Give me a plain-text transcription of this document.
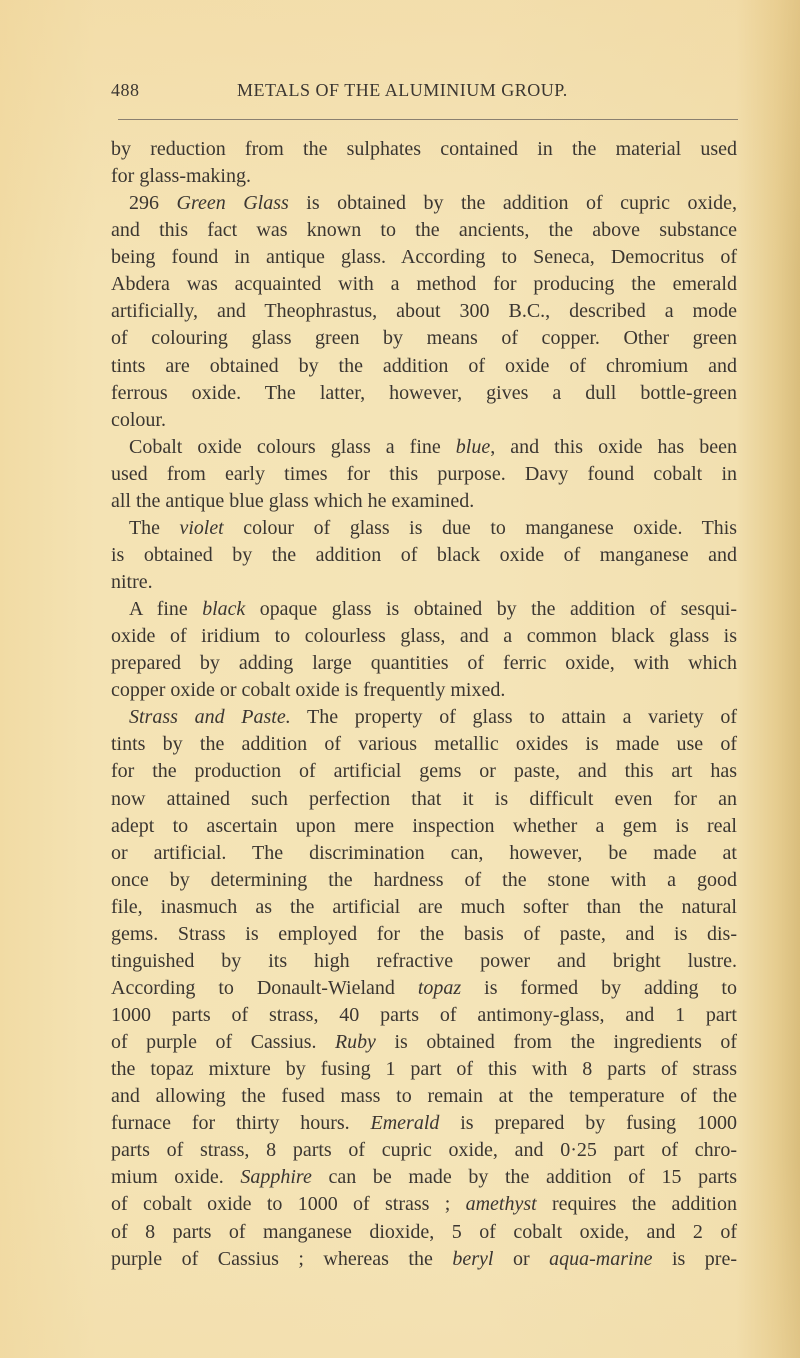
488	METALS OF THE ALUMINIUM GROUP.
by reduction from the sulphates contained in the material used
for glass-making.
296 Green Glass is obtained by the addition of cupric oxide,
and this fact was known to the ancients, the above substance
being found in antique glass. According to Seneca, Democritus of
Abdera was acquainted with a method for producing the emerald
artificially, and Theophrastus, about 300 B.C., described a mode
of colouring glass green by means of copper. Other green
tints are obtained by the addition of oxide of chromium and
ferrous oxide. The latter, however, gives a dull bottle-green
colour.
Cobalt oxide colours glass a fine blue, and this oxide has been
used from early times for this purpose. Davy found cobalt in
all the antique blue glass which he examined.
The violet colour of glass is due to manganese oxide. This
is obtained by the addition of black oxide of manganese and
nitre.
A fine black opaque glass is obtained by the addition of sesqui-
oxide of iridium to colourless glass, and a common black glass is
prepared by adding large quantities of ferric oxide, with which
copper oxide or cobalt oxide is frequently mixed.
Strass and Paste. The property of glass to attain a variety of
tints by the addition of various metallic oxides is made use of
for the production of artificial gems or paste, and this art has
now attained such perfection that it is difficult even for an
adept to ascertain upon mere inspection whether a gem is real
or artificial. The discrimination can, however, be made at
once by determining the hardness of the stone with a good
file, inasmuch as the artificial are much softer than the natural
gems. Strass is employed for the basis of paste, and is dis-
tinguished by its high refractive power and bright lustre.
According to Donault-Wieland topaz is formed by adding to
1000 parts of strass, 40 parts of antimony-glass, and 1 part
of purple of Cassius. Ruby is obtained from the ingredients of
the topaz mixture by fusing 1 part of this with 8 parts of strass
and allowing the fused mass to remain at the temperature of the
furnace for thirty hours. Emerald is prepared by fusing 1000
parts of strass, 8 parts of cupric oxide, and 0·25 part of chro-
mium oxide. Sapphire can be made by the addition of 15 parts
of cobalt oxide to 1000 of strass ; amethyst requires the addition
of 8 parts of manganese dioxide, 5 of cobalt oxide, and 2 of
purple of Cassius ; whereas the beryl or aqua-marine is pre-
